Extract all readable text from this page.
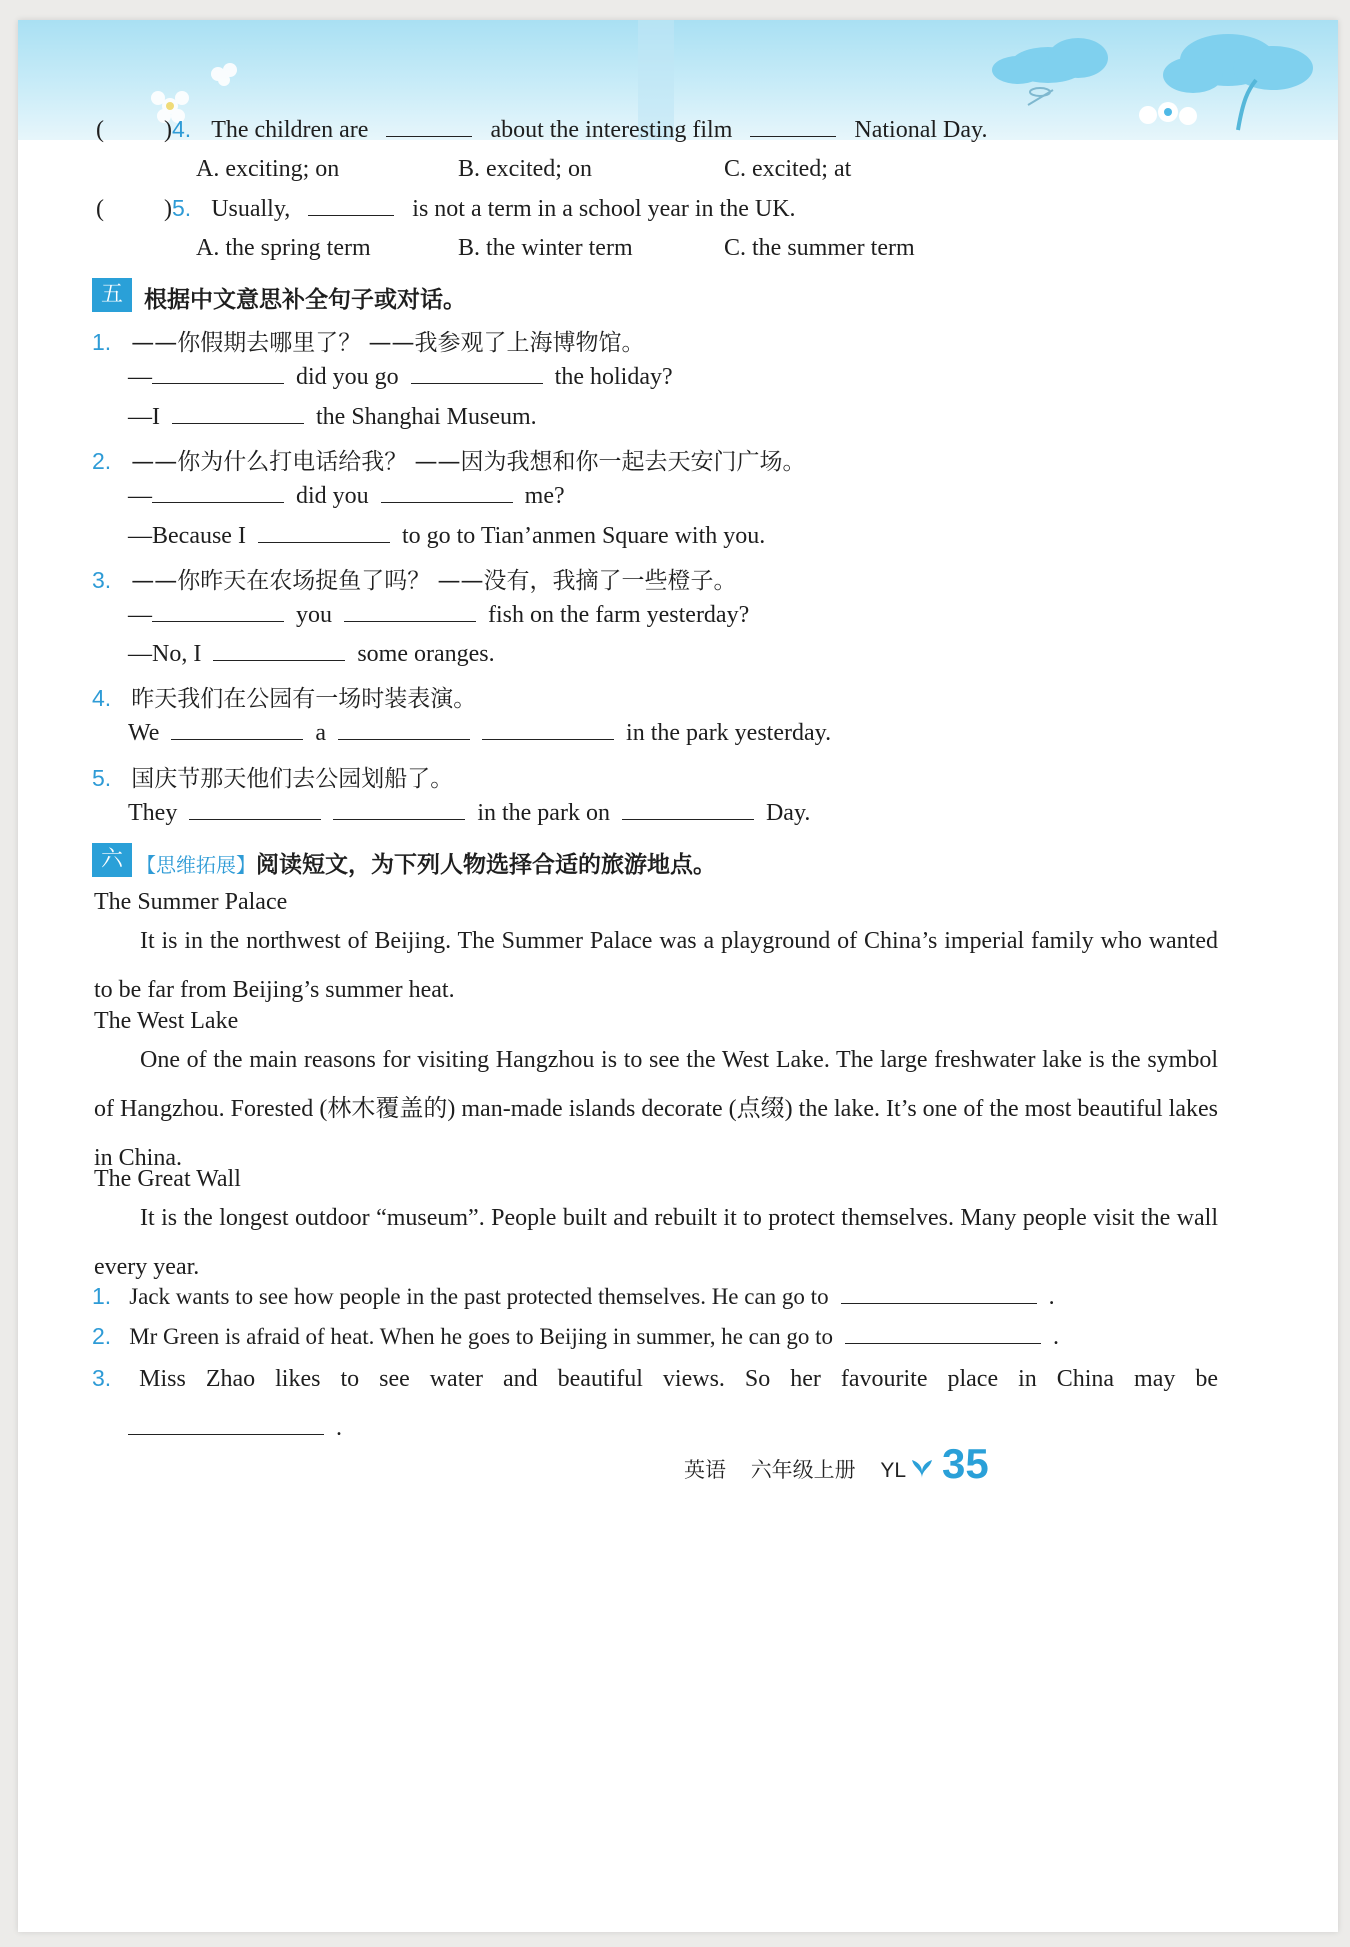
(	)4. The children are	about the interesting film	National Day.
A. exciting; on	B. excited; on	C. excited; at
(	)5. Usually,	is not a term in a school year in the UK.
A. the spring term	B. the winter term	C. the summer term
五 根据中文意思补全句子或对话。
1. ——你假期去哪里了？ ——我参观了上海博物馆。
—	did you go	the holiday?
—I	the Shanghai Museum.
2. ——你为什么打电话给我？ ——因为我想和你一起去天安门广场。
—	did you	me?
—Because I	to go to Tian’anmen Square with you.
3. ——你昨天在农场捉鱼了吗？ ——没有，我摘了一些橙子。
—	you	fish on the farm yesterday?
—No, I	some oranges.
4. 昨天我们在公园有一场时装表演。
We	a	in the park yesterday.
5. 国庆节那天他们去公园划船了。
They	in the park on	Day.
六 【思维拓展】阅读短文，为下列人物选择合适的旅游地点。
The Summer Palace
It is in the northwest of Beijing. The Summer Palace was a playground of China’s imperial family who wanted to be far from Beijing’s summer heat.
The West Lake
One of the main reasons for visiting Hangzhou is to see the West Lake. The large freshwater lake is the symbol of Hangzhou. Forested (林木覆盖的) man-made islands decorate (点缀) the lake. It’s one of the most beautiful lakes in China.
The Great Wall
It is the longest outdoor “museum”. People built and rebuilt it to protect themselves. Many people visit the wall every year.
1. Jack wants to see how people in the past protected themselves. He can go to	.
2. Mr Green is afraid of heat. When he goes to Beijing in summer, he can go to	.
3. Miss Zhao likes to see water and beautiful views. So her favourite place in China may be .
英语 六年级上册 YL 35
